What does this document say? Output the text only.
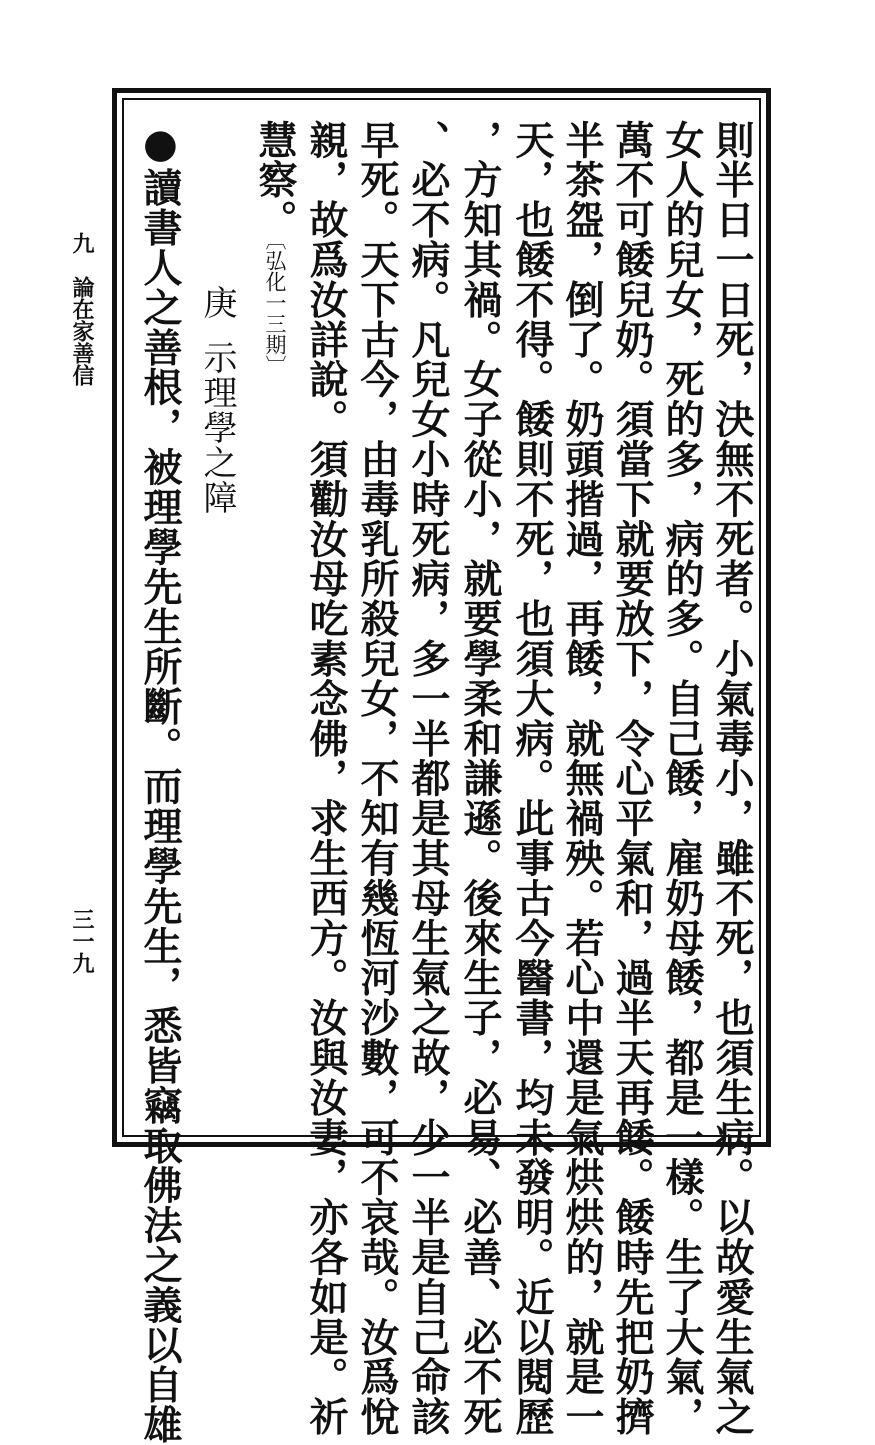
九
論在家善信
三一九	則半日一日死，決無不死者。小氣毒小，雖不死，也須生病。以故愛生氣之
女人的兒女，死的多，病的多。自己餧，雇奶母餧，都是一樣。生了大氣，
萬不可餧兒奶。須當下就要放下，令心平氣和，過半天再餧。餧時先把奶擠
半茶盌，倒了。奶頭揩過，再餧，就無禍殃。若心中還是氣烘烘的，就是一
天，也餧不得。餧則不死，也須大病。此事古今醫書，均未發明。近以閱歷
，方知其禍。女子從小，就要學柔和謙遜。後來生子，必易、必善、必不死
、必不病。凡兒女小時死病，多一半都是其母生氣之故，少一半是自己命該
早死。天下古今，由毒乳所殺兒女，不知有幾恆河沙數，可不哀哉。汝爲悅
親，故爲汝詳說。須勸汝母吃素念佛，求生西方。汝與汝妻，亦各如是。祈
慧察。〔弘化一三期〕
庚
示理學之障
●讀書人之善根，被理學先生所斷。而理學先生，悉皆竊取佛法之義以自雄
